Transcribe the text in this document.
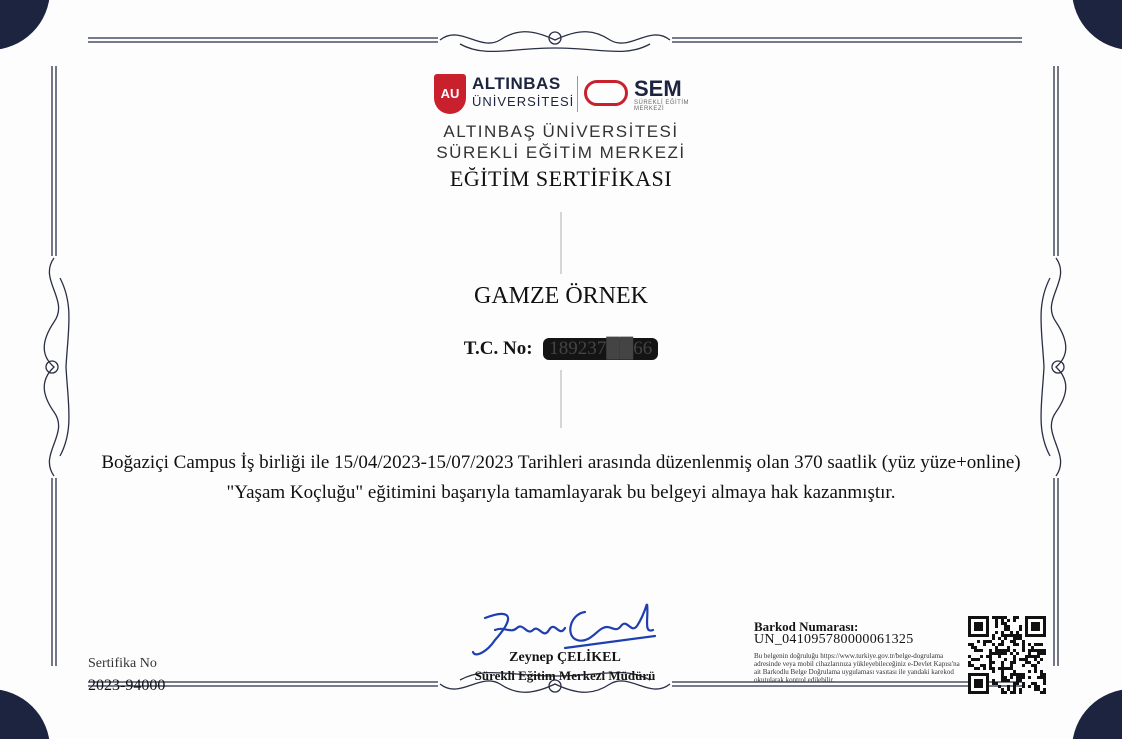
AU
ALTINBAS
ÜNİVERSİTESİ
SEM
SÜREKLİ EĞİTİM MERKEZİ
ALTINBAŞ ÜNİVERSİTESİ
SÜREKLİ EĞİTİM MERKEZİ
EĞİTİM SERTİFİKASI
GAMZE ÖRNEK
T.C. No: 189237██66
Boğaziçi Campus İş birliği ile 15/04/2023-15/07/2023 Tarihleri arasında düzenlenmiş olan 370 saatlik (yüz yüze+online) "Yaşam Koçluğu" eğitimini başarıyla tamamlayarak bu belgeyi almaya hak kazanmıştır.
Zeynep ÇELİKEL
Sürekli Eğitim Merkezi Müdürü
Sertifika No
2023-94000
Barkod Numarası:
UN_041095780000061325
Bu belgenin doğruluğu https://www.turkiye.gov.tr/belge-dogrulama adresinde veya mobil cihazlarınıza yükleyebileceğiniz e-Devlet Kapısı'na ait Barkodlu Belge Doğrulama uygulaması vasıtası ile yandaki karekod okutularak kontrol edilebilir.
